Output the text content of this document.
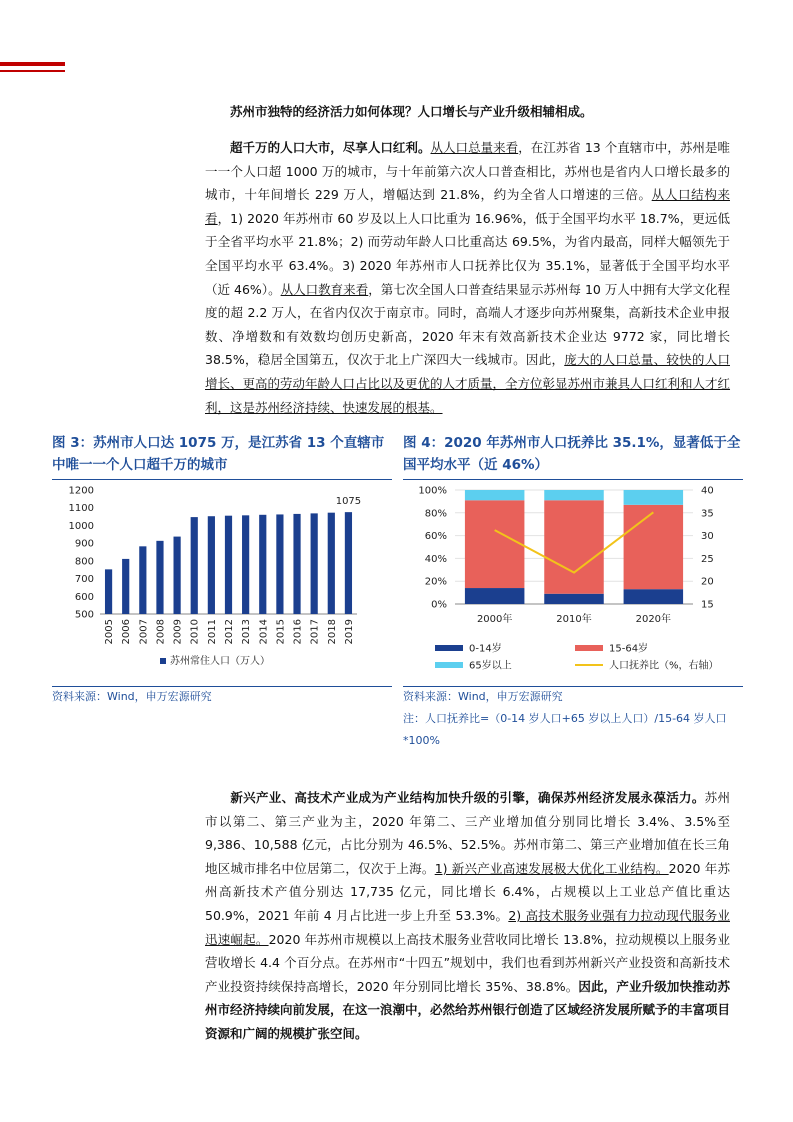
苏州市独特的经济活力如何体现？人口增长与产业升级相辅相成。
超千万的人口大市，尽享人口红利。从人口总量来看，在江苏省 13 个直辖市中，苏州是唯一一个人口超 1000 万的城市，与十年前第六次人口普查相比，苏州也是省内人口增长最多的城市，十年间增长 229 万人，增幅达到 21.8%，约为全省人口增速的三倍。从人口结构来看，1) 2020 年苏州市 60 岁及以上人口比重为 16.96%，低于全国平均水平 18.7%，更远低于全省平均水平 21.8%；2) 而劳动年龄人口比重高达 69.5%，为省内最高，同样大幅领先于全国平均水平 63.4%。3) 2020 年苏州市人口抚养比仅为 35.1%，显著低于全国平均水平（近 46%）。从人口教育来看，第七次全国人口普查结果显示苏州每 10 万人中拥有大学文化程度的超 2.2 万人，在省内仅次于南京市。同时，高端人才逐步向苏州聚集，高新技术企业申报数、净增数和有效数均创历史新高，2020 年末有效高新技术企业达 9772 家，同比增长 38.5%，稳居全国第五，仅次于北上广深四大一线城市。因此，庞大的人口总量、较快的人口增长、更高的劳动年龄人口占比以及更优的人才质量，全方位彰显苏州市兼具人口红利和人才红利，这是苏州经济持续、快速发展的根基。
图 3：苏州市人口达 1075 万，是江苏省 13 个直辖市中唯一一个人口超千万的城市
500
600
700
800
900
1000
1100
1200
2005 2006 2007 2008 2009 2010 2011 2012 2013 2014 2015 2016 2017 2018 2019
1075
苏州常住人口（万人）
资料来源：Wind，申万宏源研究
图 4：2020 年苏州市人口抚养比 35.1%，显著低于全国平均水平（近 46%）
0%
20%
40%
60%
80%
100%
15
20
25
30
35
40
2000年	2010年	2020年
0-14岁	15-64岁
65岁以上	人口抚养比（%，右轴）
资料来源：Wind，申万宏源研究
注：人口抚养比=（0-14 岁人口+65 岁以上人口）/15-64 岁人口*100%
新兴产业、高技术产业成为产业结构加快升级的引擎，确保苏州经济发展永葆活力。苏州市以第二、第三产业为主，2020 年第二、三产业增加值分别同比增长 3.4%、3.5%至 9,386、10,588 亿元，占比分别为 46.5%、52.5%。苏州市第二、第三产业增加值在长三角地区城市排名中位居第二，仅次于上海。1) 新兴产业高速发展极大优化工业结构。2020 年苏州高新技术产值分别达 17,735 亿元，同比增长 6.4%，占规模以上工业总产值比重达 50.9%，2021 年前 4 月占比进一步上升至 53.3%。2) 高技术服务业强有力拉动现代服务业迅速崛起。2020 年苏州市规模以上高技术服务业营收同比增长 13.8%，拉动规模以上服务业营收增长 4.4 个百分点。在苏州市“十四五”规划中，我们也看到苏州新兴产业投资和高新技术产业投资持续保持高增长，2020 年分别同比增长 35%、38.8%。因此，产业升级加快推动苏州市经济持续向前发展，在这一浪潮中，必然给苏州银行创造了区域经济发展所赋予的丰富项目资源和广阔的规模扩张空间。
